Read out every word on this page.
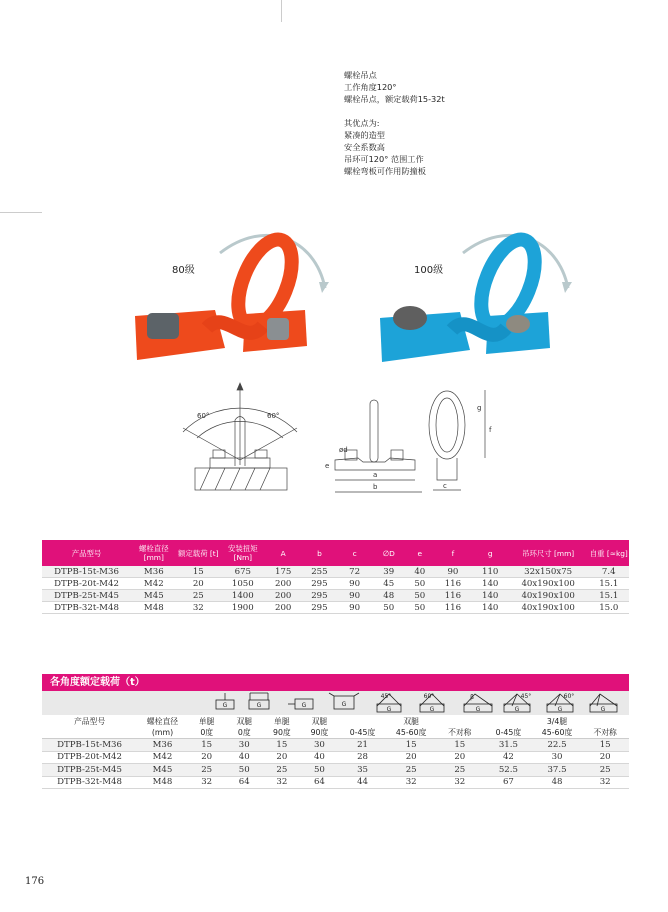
螺栓吊点
工作角度120°
螺栓吊点，额定载荷15-32t
其优点为:
紧凑的造型
安全系数高
吊环可120° 范围工作
螺栓弯板可作用防撞板
80级	100级
60°	60°
ød
e
a
b
f
g
c
产品型号	螺栓直径 [mm]	额定载荷 [t]	安装扭矩 [Nm]	A	b	c	∅D	e	f	g	吊环尺寸 [mm]	自重 [≈kg]
DTPB-15t-M36	M36	15	675	175	255	72	39	40	90	110	32x150x75	7.4
DTPB-20t-M42	M42	20	1050	200	295	90	45	50	116	140	40x190x100	15.1
DTPB-25t-M45	M45	25	1400	200	295	90	48	50	116	140	40x190x100	15.1
DTPB-32t-M48	M48	32	1900	200	295	90	50	50	116	140	40x190x100	15.0
各角度额定载荷（t）
G	G	G	G
G	G	G	G	G	G
45°	60°	β	45°	60°
产品型号	螺栓直径	单腿	双腿	单腿	双腿		双腿			3/4腿	
	(mm)	0度	0度	90度	90度	0-45度	45-60度	不对称	0-45度	45-60度	不对称
DTPB-15t-M36	M36	15	30	15	30	21	15	15	31.5	22.5	15
DTPB-20t-M42	M42	20	40	20	40	28	20	20	42	30	20
DTPB-25t-M45	M45	25	50	25	50	35	25	25	52.5	37.5	25
DTPB-32t-M48	M48	32	64	32	64	44	32	32	67	48	32
176
